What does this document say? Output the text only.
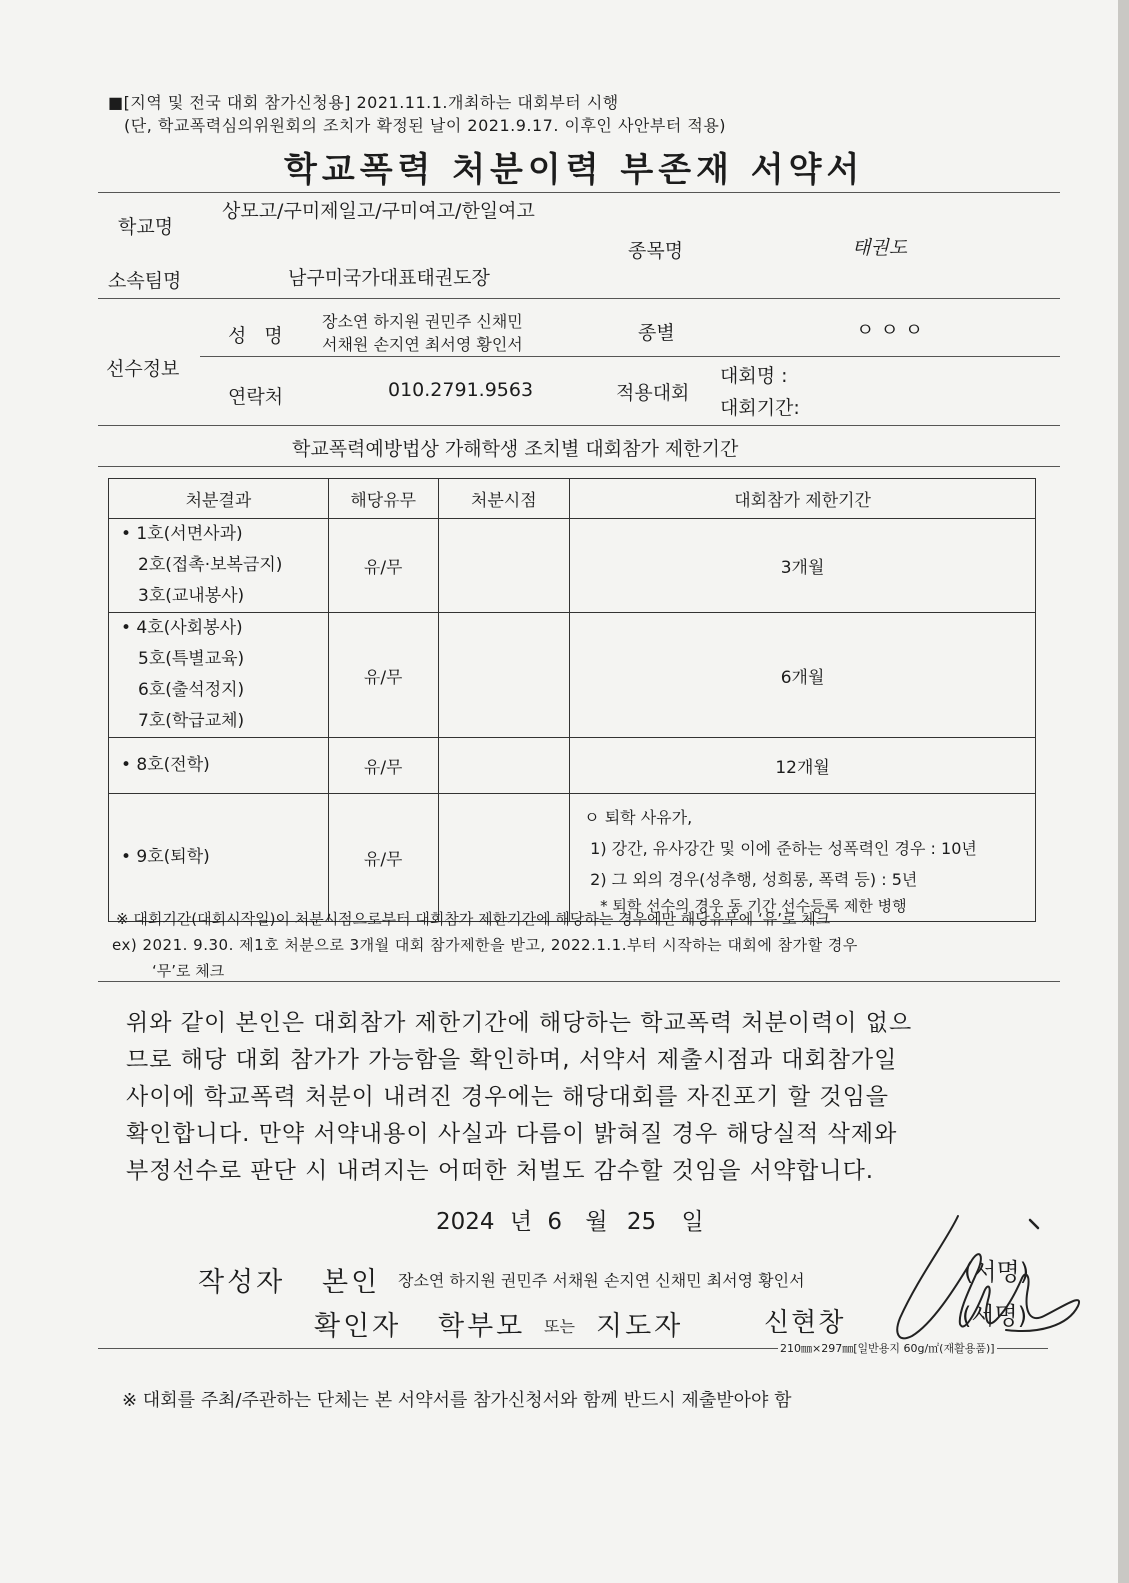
■[지역 및 전국 대회 참가신청용] 2021.11.1.개최하는 대회부터 시행
(단, 학교폭력심의위원회의 조치가 확정된 날이 2021.9.17. 이후인 사안부터 적용)
학교폭력 처분이력 부존재 서약서
학교명
상모고/구미제일고/구미여고/한일여고
소속팀명	남구미국가대표태권도장
종목명	태권도
선수정보
성  명
장소연 하지원 권민주 신채민
서채원 손지연 최서영 황인서
종별	ㅇㅇㅇ
연락처	010.2791.9563	적용대회
대회명 :
대회기간:
학교폭력예방법상 가해학생 조치별 대회참가 제한기간
처분결과	해당유무	처분시점	대회참가 제한기간

• 1호(서면사과)
2호(접촉·보복금지)
3호(교내봉사)	유/무		3개월

• 4호(사회봉사)
5호(특별교육)
6호(출석정지)
7호(학급교체)	유/무		6개월

• 8호(전학)	유/무		12개월

• 9호(퇴학)	유/무		ㅇ 퇴학 사유가,
1) 강간, 유사강간 및 이에 준하는 성폭력인 경우 : 10년
2) 그 외의 경우(성추행, 성희롱, 폭력 등) : 5년
* 퇴학 선수의 경우 동 기간 선수등록 제한 병행
※ 대회기간(대회시작일)이 처분시점으로부터 대회참가 제한기간에 해당하는 경우에만 해당유무에 ‘유’로 체크
ex) 2021. 9.30. 제1호 처분으로 3개월 대회 참가제한을 받고, 2022.1.1.부터 시작하는 대회에 참가할 경우
‘무’로 체크
위와 같이 본인은 대회참가 제한기간에 해당하는 학교폭력 처분이력이 없으
므로 해당 대회 참가가 가능함을 확인하며, 서약서 제출시점과 대회참가일
사이에 학교폭력 처분이 내려진 경우에는 해당대회를 자진포기 할 것임을
확인합니다. 만약 서약내용이 사실과 다름이 밝혀질 경우 해당실적 삭제와
부정선수로 판단 시 내려지는 어떠한 처벌도 감수할 것임을 서약합니다.
2024 년 6 월 25 일
작성자 본인 장소연 하지원 권민주 서채원 손지연 신채민 최서영 황인서	(서명)
확인자 학부모 또는 지도자	신현창	(서명)
210㎜×297㎜[일반용지 60g/㎡(재활용품)]
※ 대회를 주최/주관하는 단체는 본 서약서를 참가신청서와 함께 반드시 제출받아야 함
